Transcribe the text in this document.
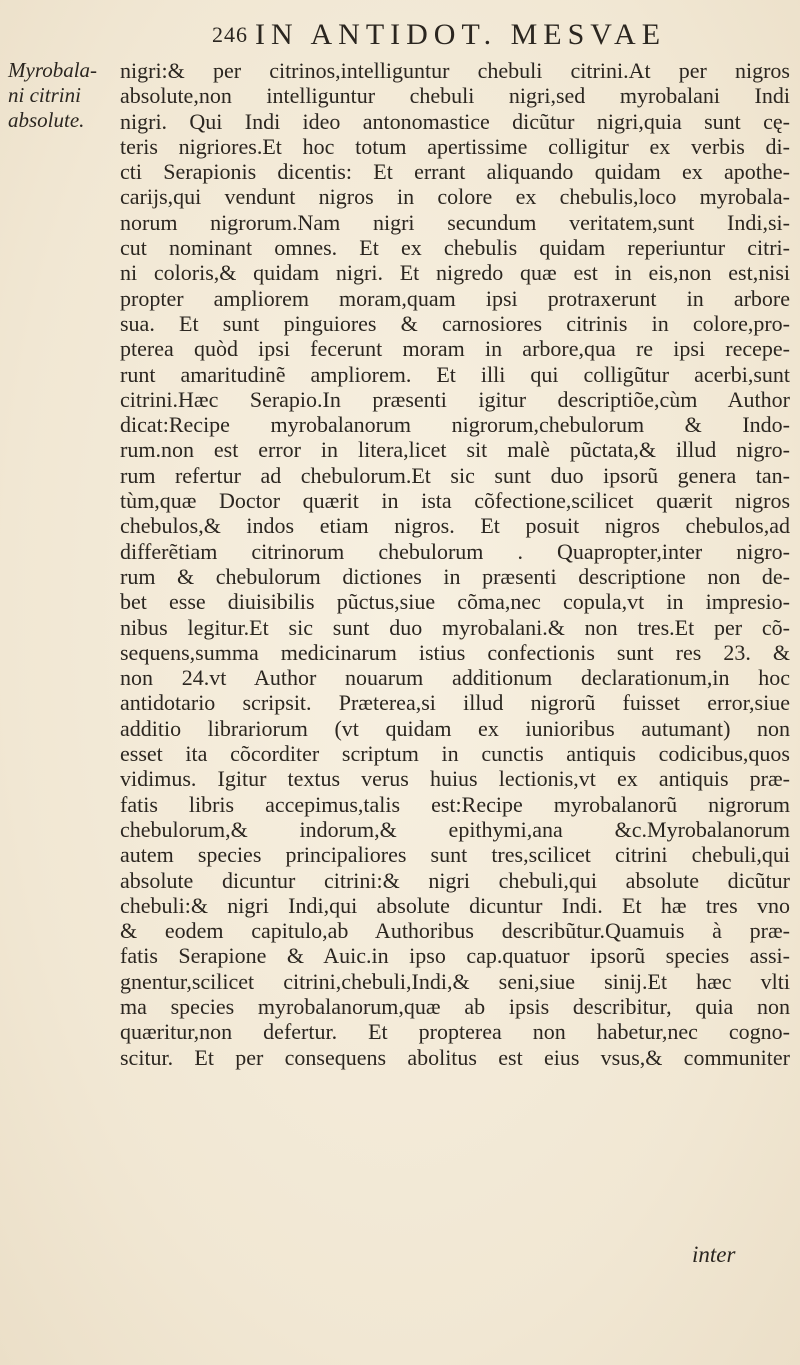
246 IN ANTIDOT. MESVAE
Myrobala-
ni citrini
absolute.
nigri:& per citrinos,intelliguntur chebuli citrini.At per nigros
absolute,non intelliguntur chebuli nigri,sed myrobalani Indi
nigri. Qui Indi ideo antonomastice dicũtur nigri,quia sunt cę-
teris nigriores.Et hoc totum apertissime colligitur ex verbis di-
cti Serapionis dicentis: Et errant aliquando quidam ex apothe-
carijs,qui vendunt nigros in colore ex chebulis,loco myrobala-
norum nigrorum.Nam nigri secundum veritatem,sunt Indi,si-
cut nominant omnes. Et ex chebulis quidam reperiuntur citri-
ni coloris,& quidam nigri. Et nigredo quæ est in eis,non est,nisi
propter ampliorem moram,quam ipsi protraxerunt in arbore
sua. Et sunt pinguiores & carnosiores citrinis in colore,pro-
pterea quòd ipsi fecerunt moram in arbore,qua re ipsi recepe-
runt amaritudinẽ ampliorem. Et illi qui colligũtur acerbi,sunt
citrini.Hæc Serapio.In præsenti igitur descriptiõe,cùm Author
dicat:Recipe myrobalanorum nigrorum,chebulorum & Indo-
rum.non est error in litera,licet sit malè pũctata,& illud nigro-
rum refertur ad chebulorum.Et sic sunt duo ipsorũ genera tan-
tùm,quæ Doctor quærit in ista cõfectione,scilicet quærit nigros
chebulos,& indos etiam nigros. Et posuit nigros chebulos,ad
differẽtiam citrinorum chebulorum . Quapropter,inter nigro-
rum & chebulorum dictiones in præsenti descriptione non de-
bet esse diuisibilis pũctus,siue cõma,nec copula,vt in impresio-
nibus legitur.Et sic sunt duo myrobalani.& non tres.Et per cõ-
sequens,summa medicinarum istius confectionis sunt res 23. &
non 24.vt Author nouarum additionum declarationum,in hoc
antidotario scripsit. Præterea,si illud nigrorũ fuisset error,siue
additio librariorum (vt quidam ex iunioribus autumant) non
esset ita cõcorditer scriptum in cunctis antiquis codicibus,quos
vidimus. Igitur textus verus huius lectionis,vt ex antiquis præ-
fatis libris accepimus,talis est:Recipe myrobalanorũ nigrorum
chebulorum,& indorum,& epithymi,ana &c.Myrobalanorum
autem species principaliores sunt tres,scilicet citrini chebuli,qui
absolute dicuntur citrini:& nigri chebuli,qui absolute dicũtur
chebuli:& nigri Indi,qui absolute dicuntur Indi. Et hæ tres vno
& eodem capitulo,ab Authoribus describũtur.Quamuis à præ-
fatis Serapione & Auic.in ipso cap.quatuor ipsorũ species assi-
gnentur,scilicet citrini,chebuli,Indi,& seni,siue sinij.Et hæc vlti
ma species myrobalanorum,quæ ab ipsis describitur, quia non
quæritur,non defertur. Et propterea non habetur,nec cogno-
scitur. Et per consequens abolitus est eius vsus,& communiter
inter
